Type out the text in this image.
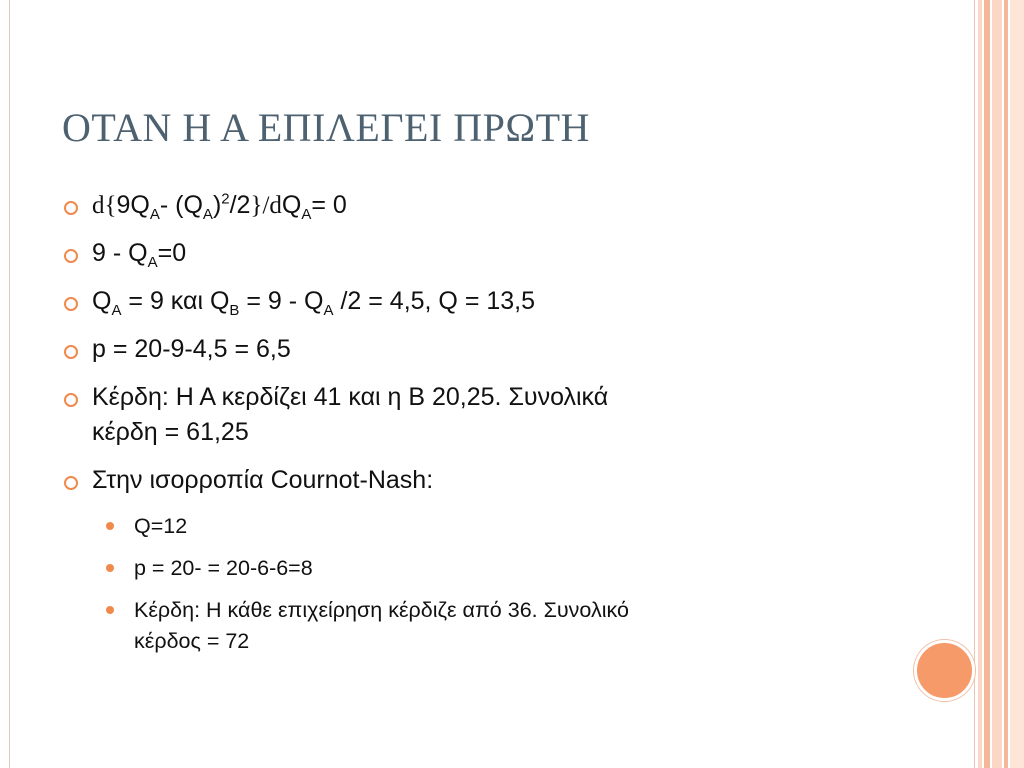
ΟΤΑΝ Η Α ΕΠΙΛΕΓΕΙ ΠΡΩΤΗ
$d\{9Q_A-$ $(Q_A)^2/2\}/dQ_A= 0$
$9 - Q_A=0$
$Q_A = 9$ και $Q_B = 9 - Q_A$ /2 = 4,5, Q = 13,5
p = 20-9-4,5 = 6,5
Κέρδη: Η Α κερδίζει 41 και η Β 20,25. Συνολικά
κέρδη = 61,25
Στην ισορροπία Cournot-Nash:
Q=12
p = 20- = 20-6-6=8
Κέρδη: Η κάθε επιχείρηση κέρδιζε από 36. Συνολικό
κέρδος = 72
